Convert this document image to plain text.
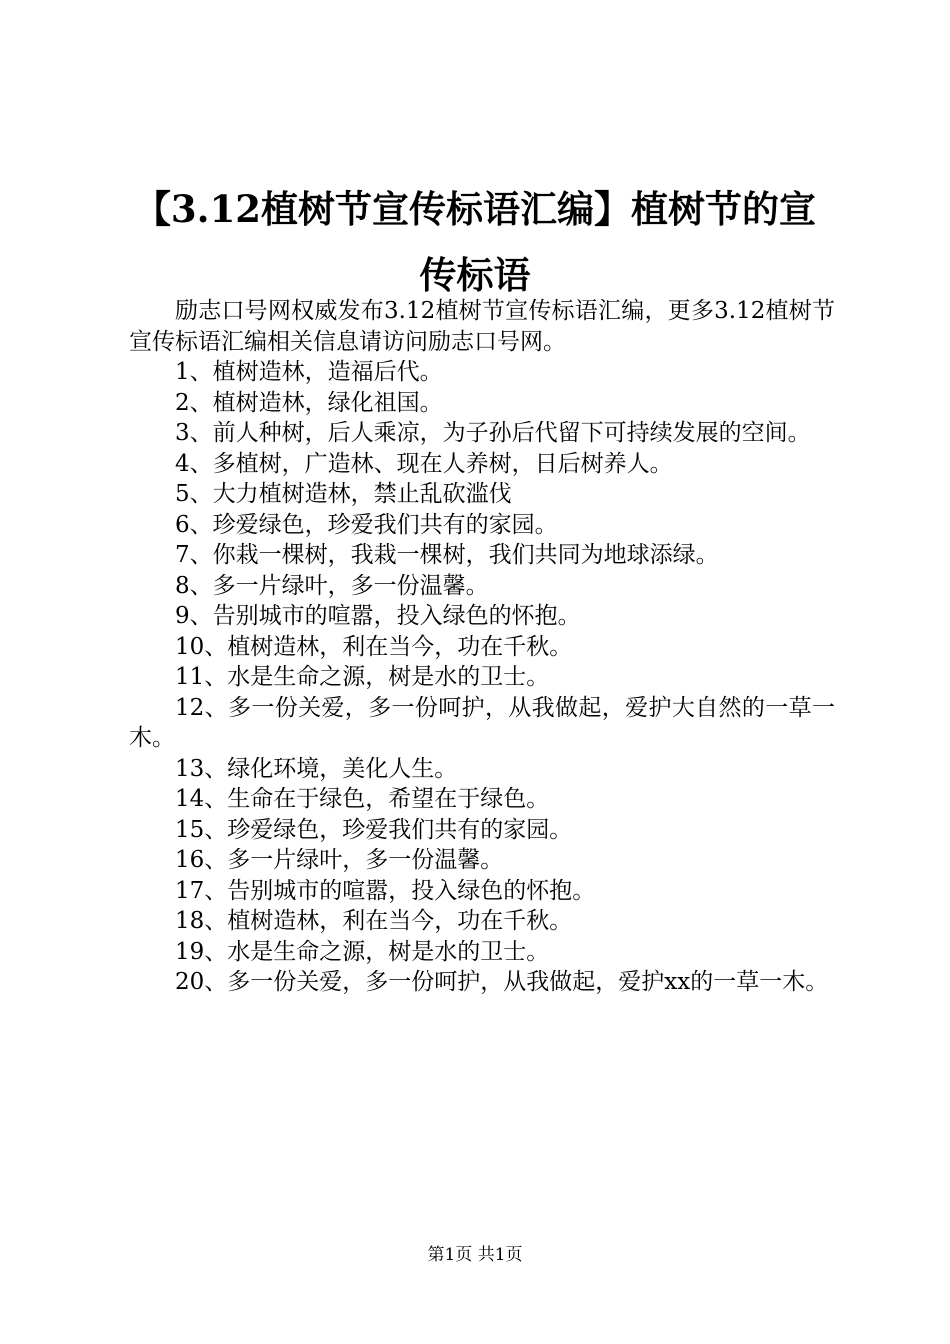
【3.12植树节宣传标语汇编】植树节的宣传标语

励志口号网权威发布3.12植树节宣传标语汇编，更多3.12植树节宣传标语汇编相关信息请访问励志口号网。

1、植树造林，造福后代。

2、植树造林，绿化祖国。

3、前人种树，后人乘凉，为子孙后代留下可持续发展的空间。

4、多植树，广造林、现在人养树，日后树养人。

5、大力植树造林，禁止乱砍滥伐

6、珍爱绿色，珍爱我们共有的家园。

7、你栽一棵树，我栽一棵树，我们共同为地球添绿。

8、多一片绿叶，多一份温馨。

9、告别城市的喧嚣，投入绿色的怀抱。

10、植树造林，利在当今，功在千秋。

11、水是生命之源，树是水的卫士。

12、多一份关爱，多一份呵护，从我做起，爱护大自然的一草一木。

13、绿化环境，美化人生。

14、生命在于绿色，希望在于绿色。

15、珍爱绿色，珍爱我们共有的家园。

16、多一片绿叶，多一份温馨。

17、告别城市的喧嚣，投入绿色的怀抱。

18、植树造林，利在当今，功在千秋。

19、水是生命之源，树是水的卫士。

20、多一份关爱，多一份呵护，从我做起，爱护xx的一草一木。

第1页 共1页
